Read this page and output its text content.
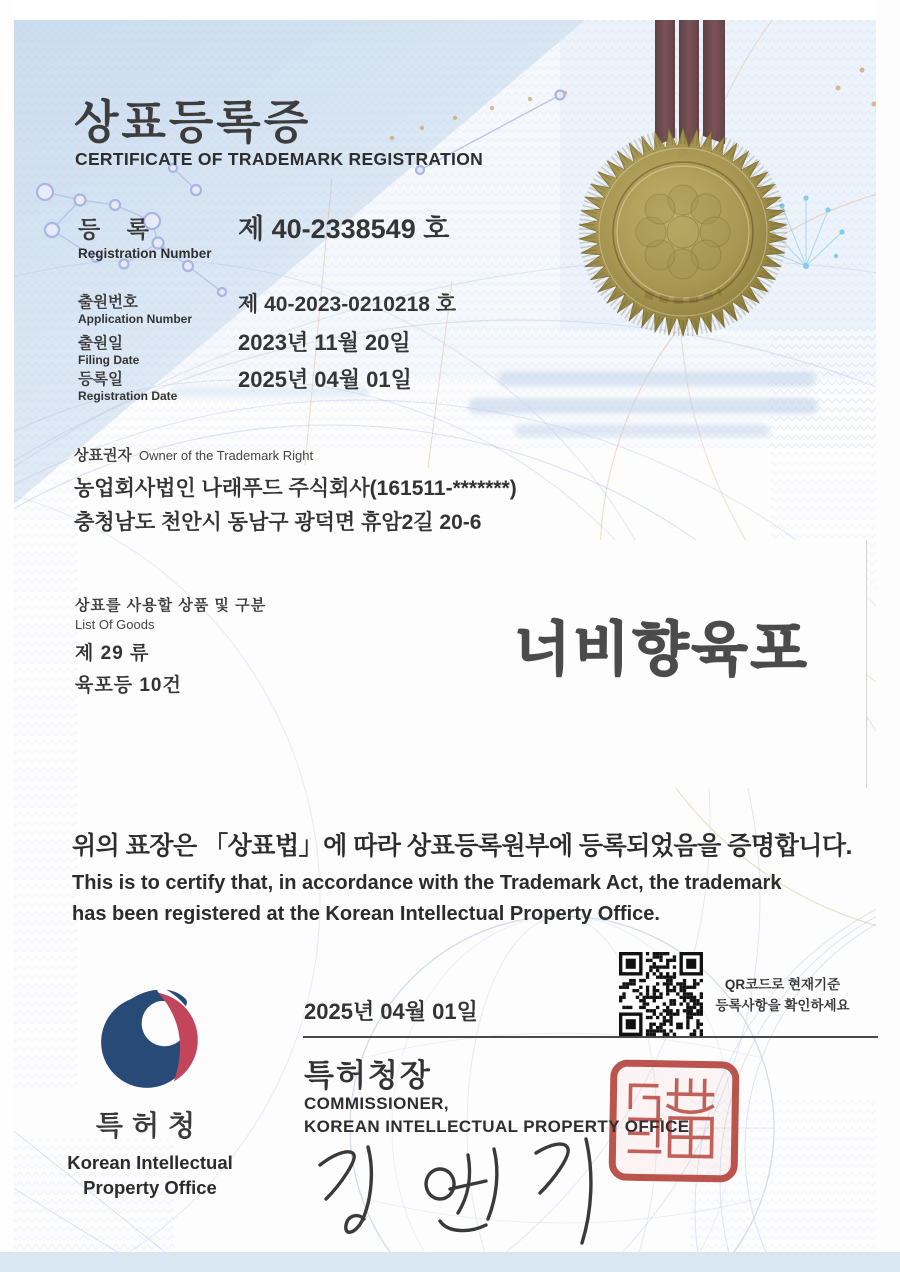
너비향육포
상표등록증
CERTIFICATE OF TRADEMARK REGISTRATION
등 록
Registration Number
제 40-2338549 호
출원번호
Application Number
제 40-2023-0210218 호
출원일
Filing Date
2023년 11월 20일
등록일
Registration Date
2025년 04월 01일
상표권자 Owner of the Trademark Right
농업회사법인 나래푸드 주식회사(161511-*******)
충청남도 천안시 동남구 광덕면 휴암2길 20-6
상표를 사용할 상품 및 구분
List Of Goods
제 29 류
육포등 10건
위의 표장은 「상표법」에 따라 상표등록원부에 등록되었음을 증명합니다.
This is to certify that, in accordance with the Trademark Act, the trademark
has been registered at the Korean Intellectual Property Office.
2025년 04월 01일
특허청장
COMMISSIONER,
KOREAN INTELLECTUAL PROPERTY OFFICE
QR코드로 현재기준
등록사항을 확인하세요
특허청
Korean Intellectual
Property Office
